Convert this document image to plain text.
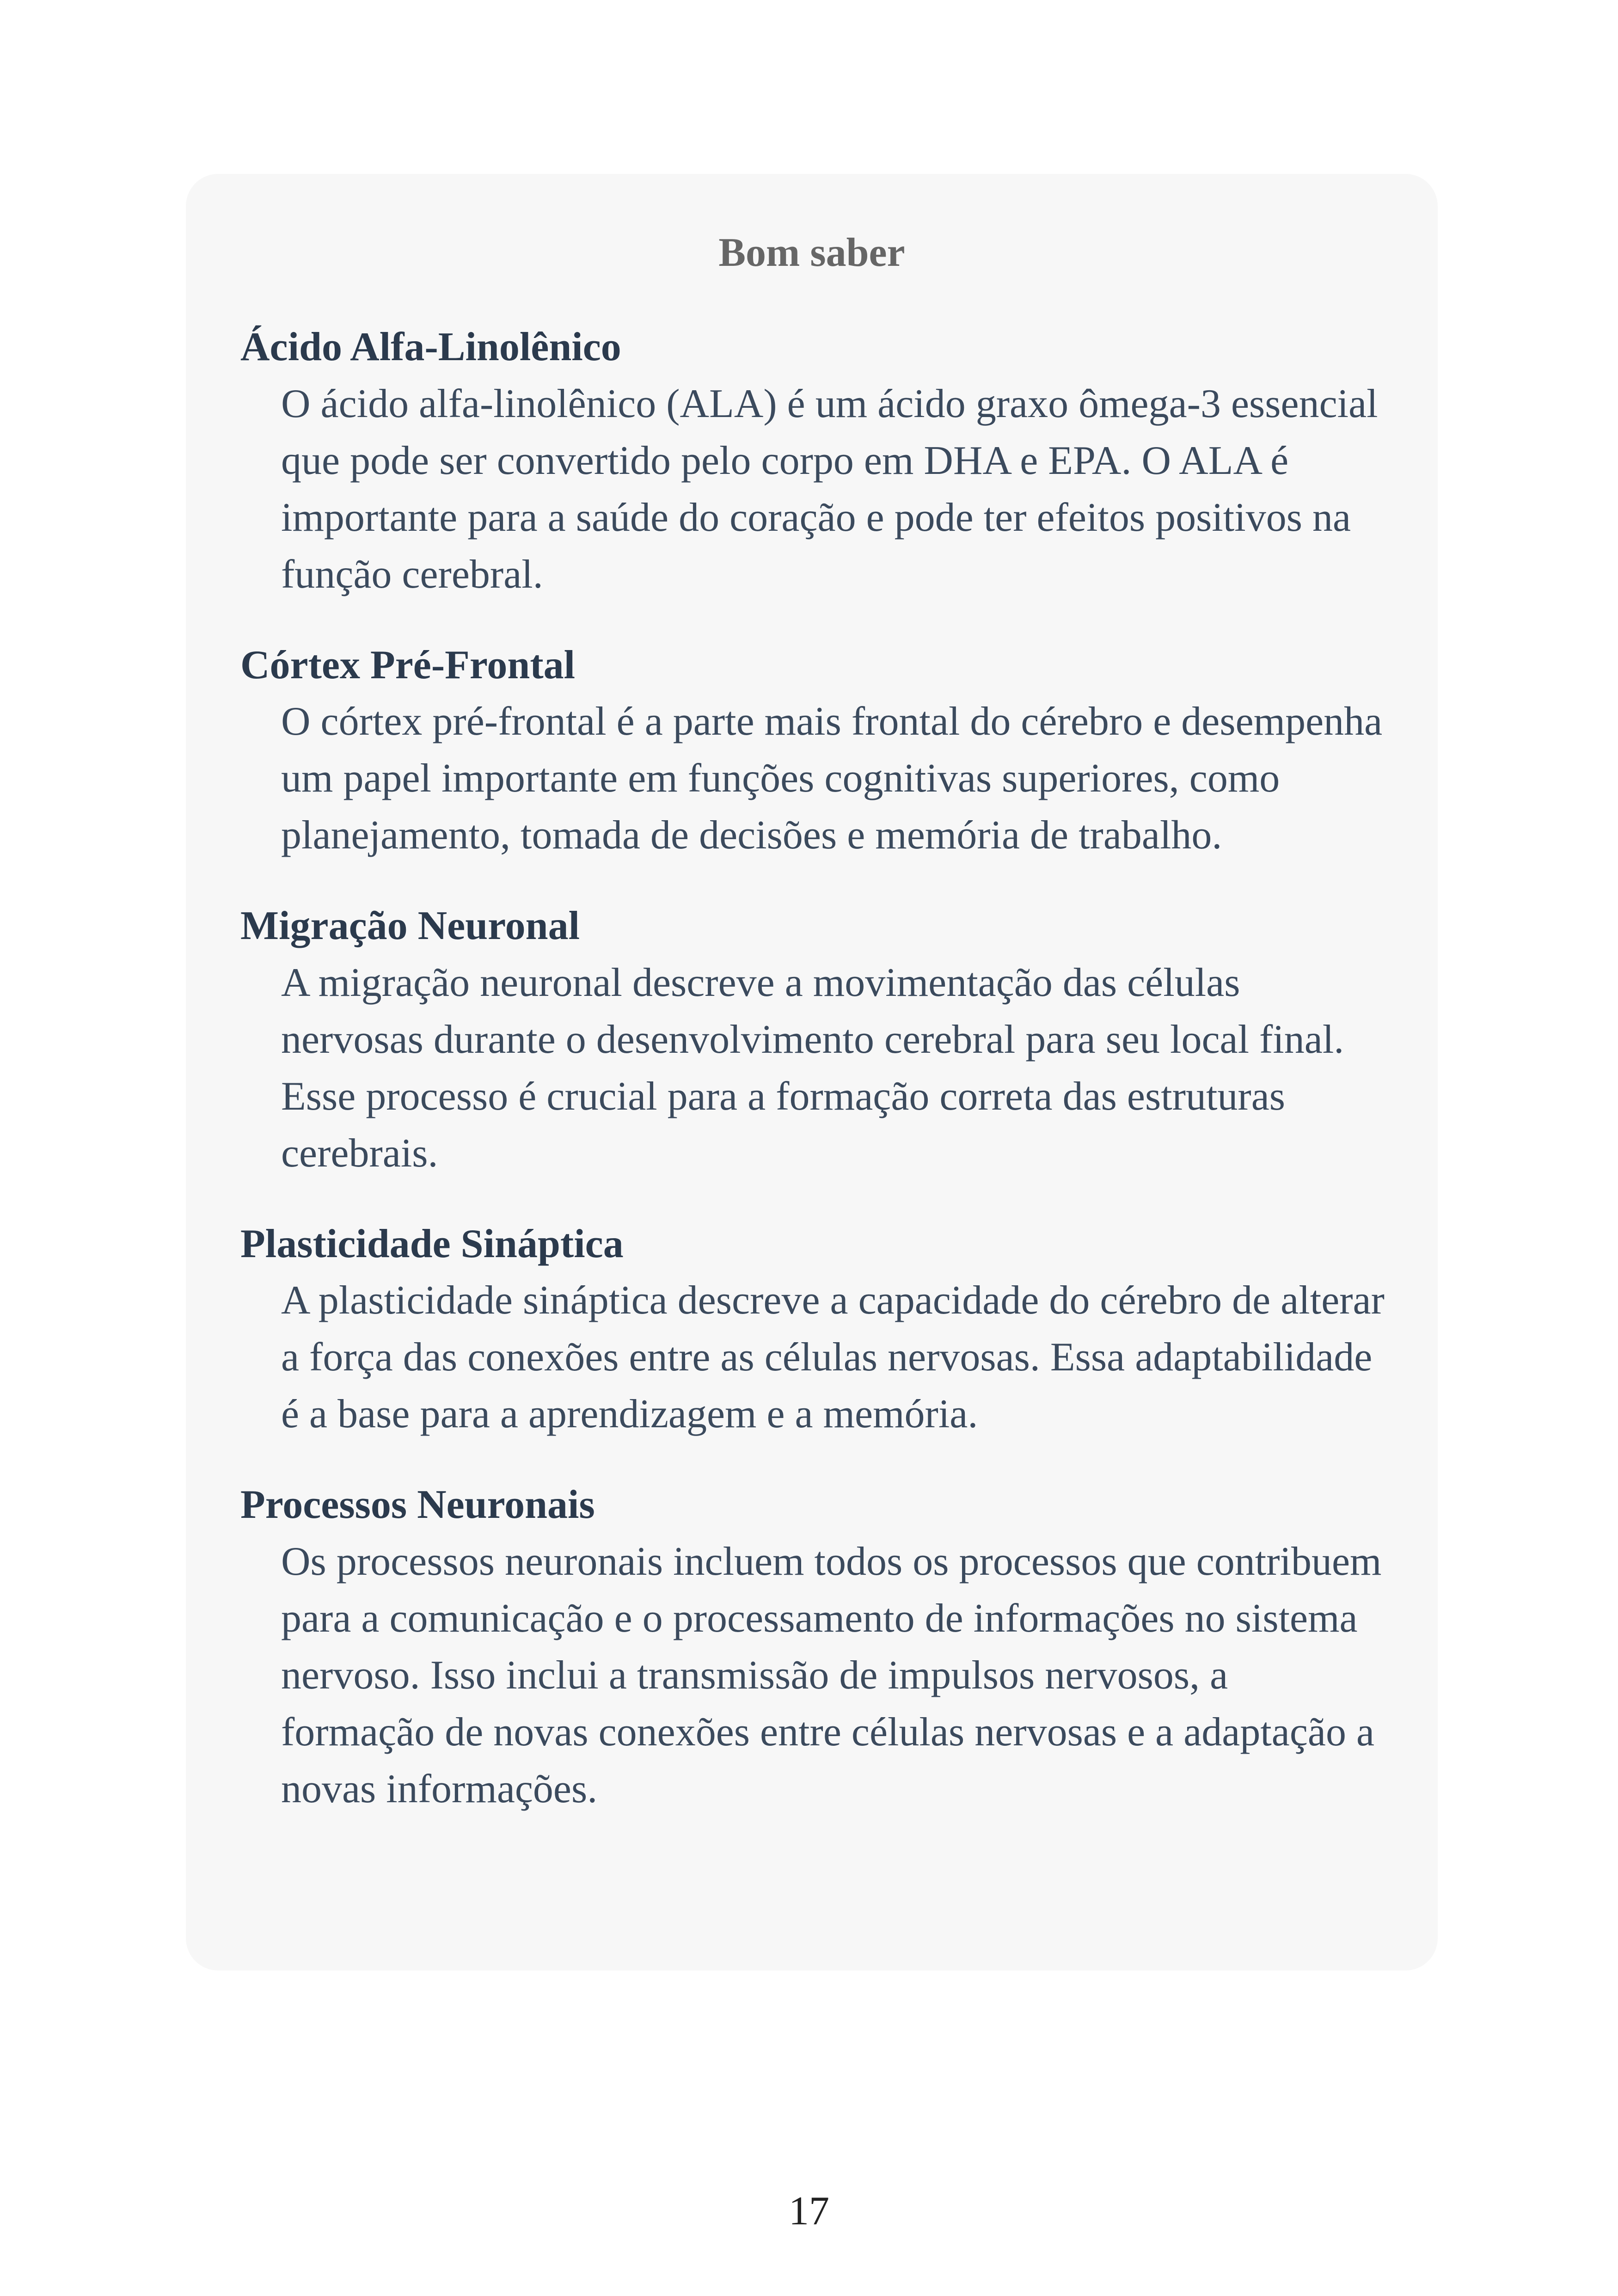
Bom saber
Ácido Alfa-Linolênico
O ácido alfa-linolênico (ALA) é um ácido graxo ômega-3 essencial que pode ser convertido pelo corpo em DHA e EPA. O ALA é importante para a saúde do coração e pode ter efeitos positivos na função cerebral.
Córtex Pré-Frontal
O córtex pré-frontal é a parte mais frontal do cérebro e desempenha um papel importante em funções cognitivas superiores, como planejamento, tomada de decisões e memória de trabalho.
Migração Neuronal
A migração neuronal descreve a movimentação das células nervosas durante o desenvolvimento cerebral para seu local final. Esse processo é crucial para a formação correta das estruturas cerebrais.
Plasticidade Sináptica
A plasticidade sináptica descreve a capacidade do cérebro de alterar a força das conexões entre as células nervosas. Essa adaptabilidade é a base para a aprendizagem e a memória.
Processos Neuronais
Os processos neuronais incluem todos os processos que contribuem para a comunicação e o processamento de informações no sistema nervoso. Isso inclui a transmissão de impulsos nervosos, a formação de novas conexões entre células nervosas e a adaptação a novas informações.
17
